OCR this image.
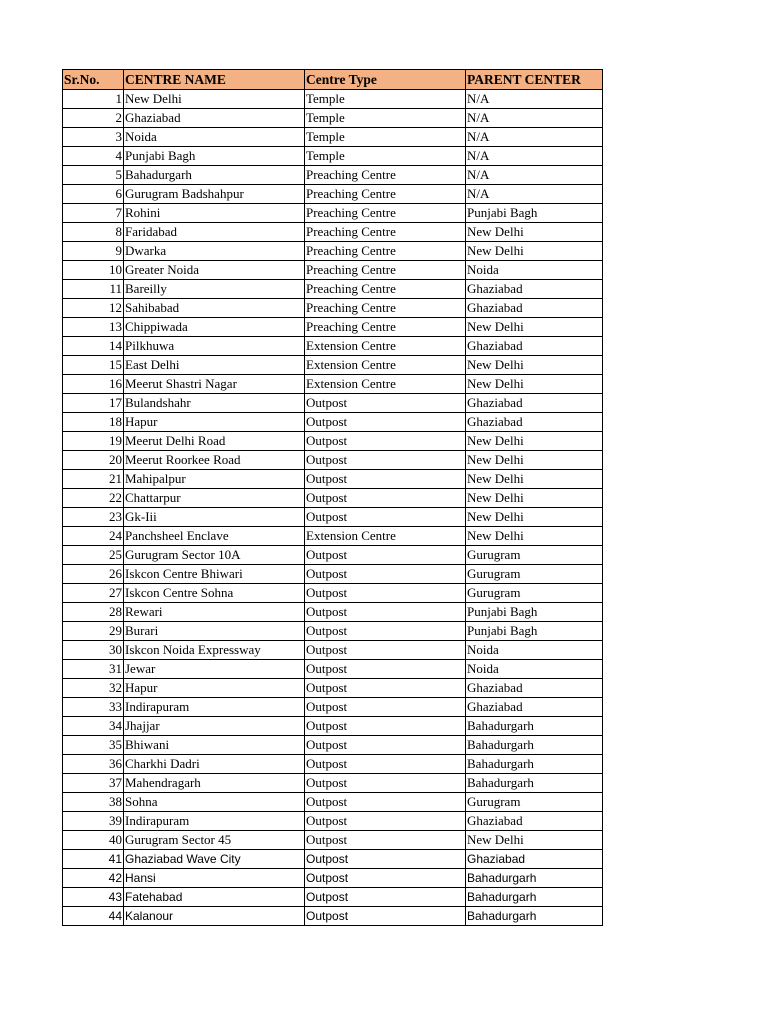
Sr.No.	CENTRE NAME	Centre Type	PARENT CENTER
1	New Delhi	Temple	N/A
2	Ghaziabad	Temple	N/A
3	Noida	Temple	N/A
4	Punjabi Bagh	Temple	N/A
5	Bahadurgarh	Preaching Centre	N/A
6	Gurugram Badshahpur	Preaching Centre	N/A
7	Rohini	Preaching Centre	Punjabi Bagh
8	Faridabad	Preaching Centre	New Delhi
9	Dwarka	Preaching Centre	New Delhi
10	Greater Noida	Preaching Centre	Noida
11	Bareilly	Preaching Centre	Ghaziabad
12	Sahibabad	Preaching Centre	Ghaziabad
13	Chippiwada	Preaching Centre	New Delhi
14	Pilkhuwa	Extension Centre	Ghaziabad
15	East Delhi	Extension Centre	New Delhi
16	Meerut Shastri Nagar	Extension Centre	New Delhi
17	Bulandshahr	Outpost	Ghaziabad
18	Hapur	Outpost	Ghaziabad
19	Meerut Delhi Road	Outpost	New Delhi
20	Meerut Roorkee Road	Outpost	New Delhi
21	Mahipalpur	Outpost	New Delhi
22	Chattarpur	Outpost	New Delhi
23	Gk-Iii	Outpost	New Delhi
24	Panchsheel Enclave	Extension Centre	New Delhi
25	Gurugram Sector 10A	Outpost	Gurugram
26	Iskcon Centre Bhiwari	Outpost	Gurugram
27	Iskcon Centre Sohna	Outpost	Gurugram
28	Rewari	Outpost	Punjabi Bagh
29	Burari	Outpost	Punjabi Bagh
30	Iskcon Noida Expressway	Outpost	Noida
31	Jewar	Outpost	Noida
32	Hapur	Outpost	Ghaziabad
33	Indirapuram	Outpost	Ghaziabad
34	Jhajjar	Outpost	Bahadurgarh
35	Bhiwani	Outpost	Bahadurgarh
36	Charkhi Dadri	Outpost	Bahadurgarh
37	Mahendragarh	Outpost	Bahadurgarh
38	Sohna	Outpost	Gurugram
39	Indirapuram	Outpost	Ghaziabad
40	Gurugram Sector 45	Outpost	New Delhi
41	Ghaziabad Wave City	Outpost	Ghaziabad
42	Hansi	Outpost	Bahadurgarh
43	Fatehabad	Outpost	Bahadurgarh
44	Kalanour	Outpost	Bahadurgarh
